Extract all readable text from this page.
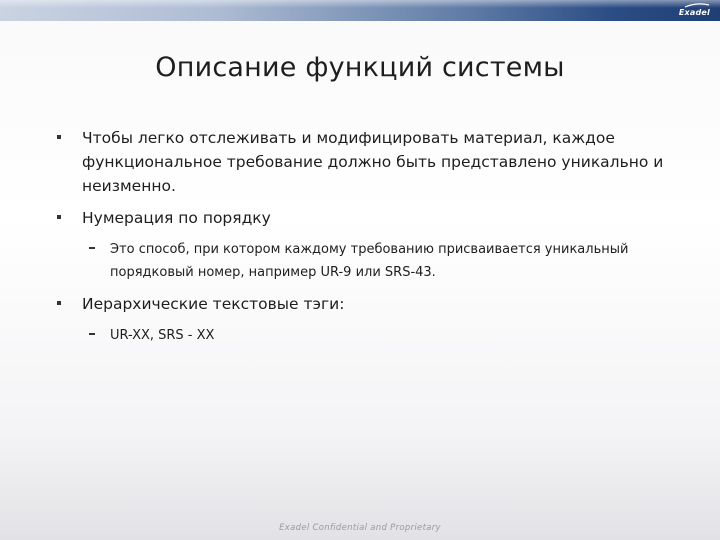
Exadel
Описание функций системы
Чтобы легко отслеживать и модифицировать материал, каждое функциональное требование должно быть представлено уникально и неизменно.
Нумерация по порядку
Это способ, при котором каждому требованию присваивается уникальный порядковый номер, например UR-9 или SRS-43.
Иерархические текстовые тэги:
UR-XX, SRS - XX
Exadel Confidential and Proprietary
